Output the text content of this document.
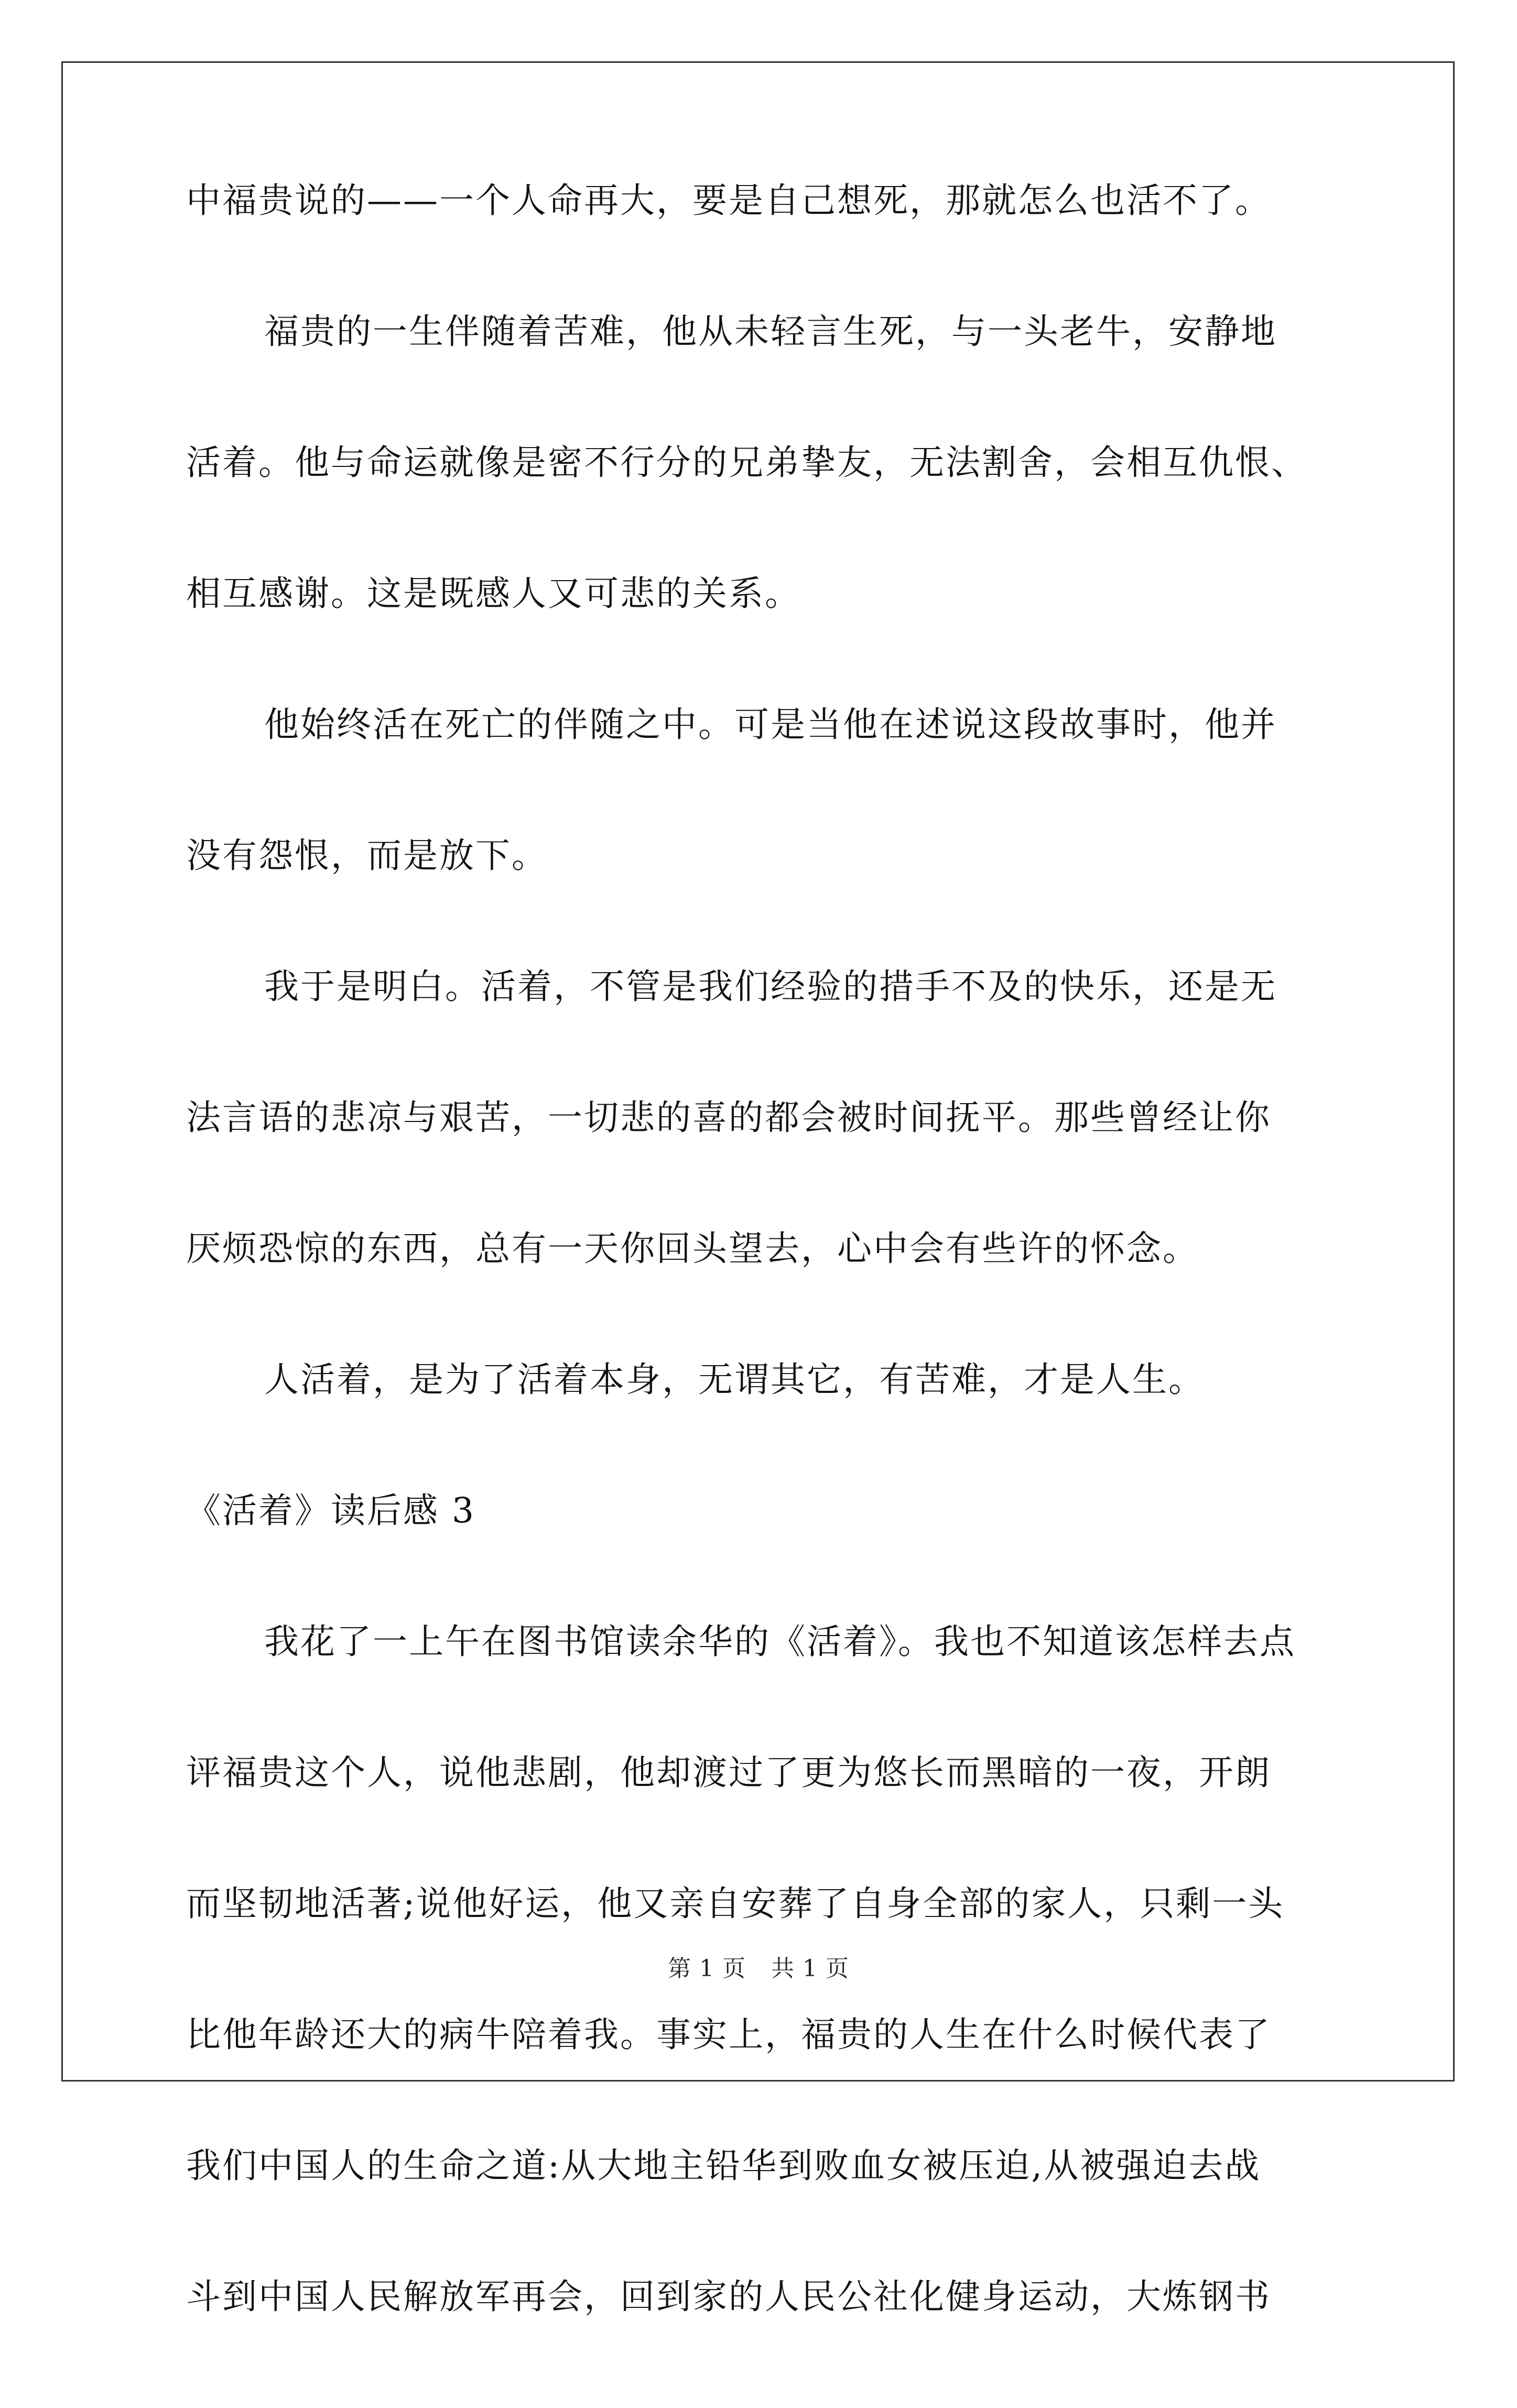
中福贵说的——一个人命再大，要是自己想死，那就怎么也活不了。
福贵的一生伴随着苦难，他从未轻言生死，与一头老牛，安静地
活着。他与命运就像是密不行分的兄弟挚友，无法割舍，会相互仇恨、
相互感谢。这是既感人又可悲的关系。
他始终活在死亡的伴随之中。可是当他在述说这段故事时，他并
没有怨恨，而是放下。
我于是明白。活着，不管是我们经验的措手不及的快乐，还是无
法言语的悲凉与艰苦，一切悲的喜的都会被时间抚平。那些曾经让你
厌烦恐惊的东西，总有一天你回头望去，心中会有些许的怀念。
人活着，是为了活着本身，无谓其它，有苦难，才是人生。
《活着》读后感 3
我花了一上午在图书馆读余华的《活着》。我也不知道该怎样去点
评福贵这个人，说他悲剧，他却渡过了更为悠长而黑暗的一夜，开朗
而坚韧地活著;说他好运，他又亲自安葬了自身全部的家人，只剩一头
比他年龄还大的病牛陪着我。事实上，福贵的人生在什么时候代表了
我们中国人的生命之道:从大地主铅华到败血女被压迫,从被强迫去战
斗到中国人民解放军再会，回到家的人民公社化健身运动，大炼钢书
第 1 页 共 1 页
